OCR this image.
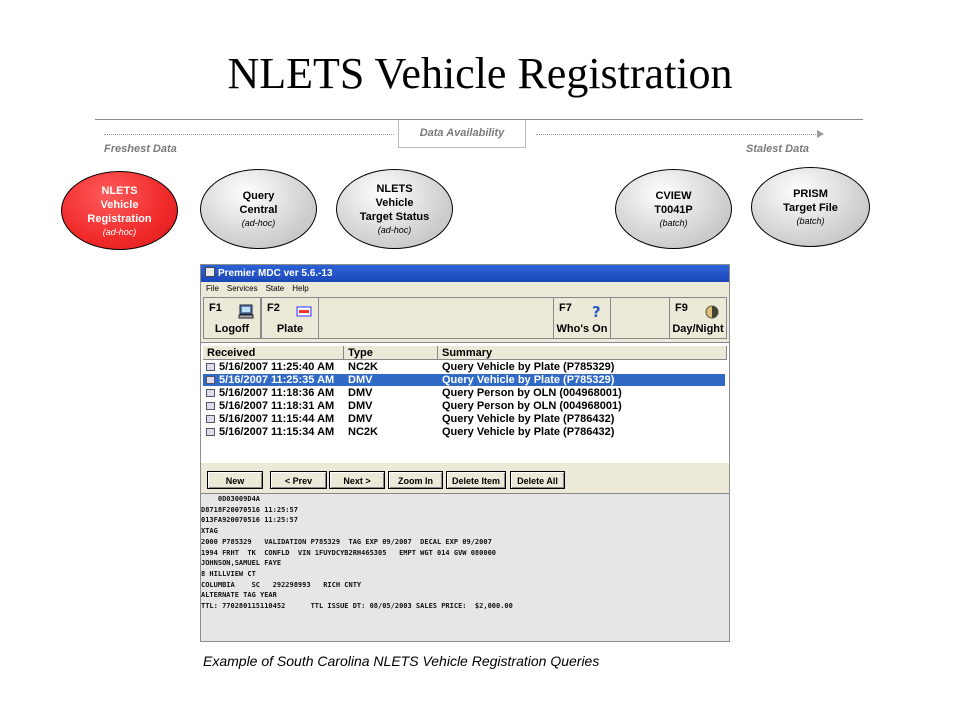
NLETS Vehicle Registration
Data Availability
Freshest Data	Stalest Data
NLETS
Vehicle
Registration
(ad-hoc)
Query
Central
(ad-hoc)
NLETS
Vehicle
Target Status
(ad-hoc)
CVIEW
T0041P
(batch)
PRISM
Target File
(batch)
Premier MDC ver 5.6.-13
File Services State Help
F1
Logoff
F2
Plate
F7 ?
Who's On
F9
Day/Night
Received	Type	Summary
5/16/2007 11:25:40 AM NC2K	Query Vehicle by Plate (P785329)
5/16/2007 11:25:35 AM DMV	Query Vehicle by Plate (P785329)
5/16/2007 11:18:36 AM DMV	Query Person by OLN (004968001)
5/16/2007 11:18:31 AM DMV	Query Person by OLN (004968001)
5/16/2007 11:15:44 AM DMV	Query Vehicle by Plate (P786432)
5/16/2007 11:15:34 AM NC2K	Query Vehicle by Plate (P786432)
New	< Prev	Next >	Zoom In	Delete Item	Delete All
0D03009D4A
D8718F20070516 11:25:57
013FA920070516 11:25:57
XTAG
2000 P785329   VALIDATION P785329  TAG EXP 09/2007  DECAL EXP 09/2007
1994 FRHT  TK  CONFLD  VIN 1FUYDCYB2RH465305   EMPT WGT 014 GVW 080000
JOHNSON,SAMUEL FAYE
8 HILLVIEW CT
COLUMBIA    SC   292298993   RICH CNTY
ALTERNATE TAG YEAR
TTL: 770280115110452      TTL ISSUE DT: 08/05/2003 SALES PRICE:  $2,000.00
Example of South Carolina NLETS Vehicle Registration Queries
